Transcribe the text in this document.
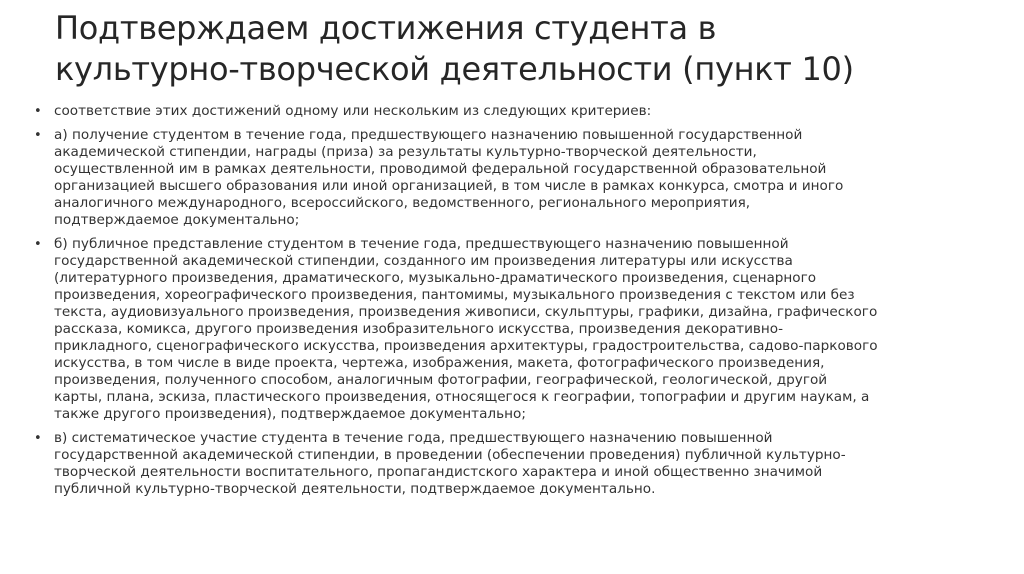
Подтверждаем достижения студента в
культурно-творческой деятельности (пункт 10)
• соответствие этих достижений одному или нескольким из следующих критериев:
• а) получение студентом в течение года, предшествующего назначению повышенной государственной
академической стипендии, награды (приза) за результаты культурно-творческой деятельности,
осуществленной им в рамках деятельности, проводимой федеральной государственной образовательной
организацией высшего образования или иной организацией, в том числе в рамках конкурса, смотра и иного
аналогичного международного, всероссийского, ведомственного, регионального мероприятия,
подтверждаемое документально;
• б) публичное представление студентом в течение года, предшествующего назначению повышенной
государственной академической стипендии, созданного им произведения литературы или искусства
(литературного произведения, драматического, музыкально-драматического произведения, сценарного
произведения, хореографического произведения, пантомимы, музыкального произведения с текстом или без
текста, аудиовизуального произведения, произведения живописи, скульптуры, графики, дизайна, графического
рассказа, комикса, другого произведения изобразительного искусства, произведения декоративно-
прикладного, сценографического искусства, произведения архитектуры, градостроительства, садово-паркового
искусства, в том числе в виде проекта, чертежа, изображения, макета, фотографического произведения,
произведения, полученного способом, аналогичным фотографии, географической, геологической, другой
карты, плана, эскиза, пластического произведения, относящегося к географии, топографии и другим наукам, а
также другого произведения), подтверждаемое документально;
• в) систематическое участие студента в течение года, предшествующего назначению повышенной
государственной академической стипендии, в проведении (обеспечении проведения) публичной культурно-
творческой деятельности воспитательного, пропагандистского характера и иной общественно значимой
публичной культурно-творческой деятельности, подтверждаемое документально.
